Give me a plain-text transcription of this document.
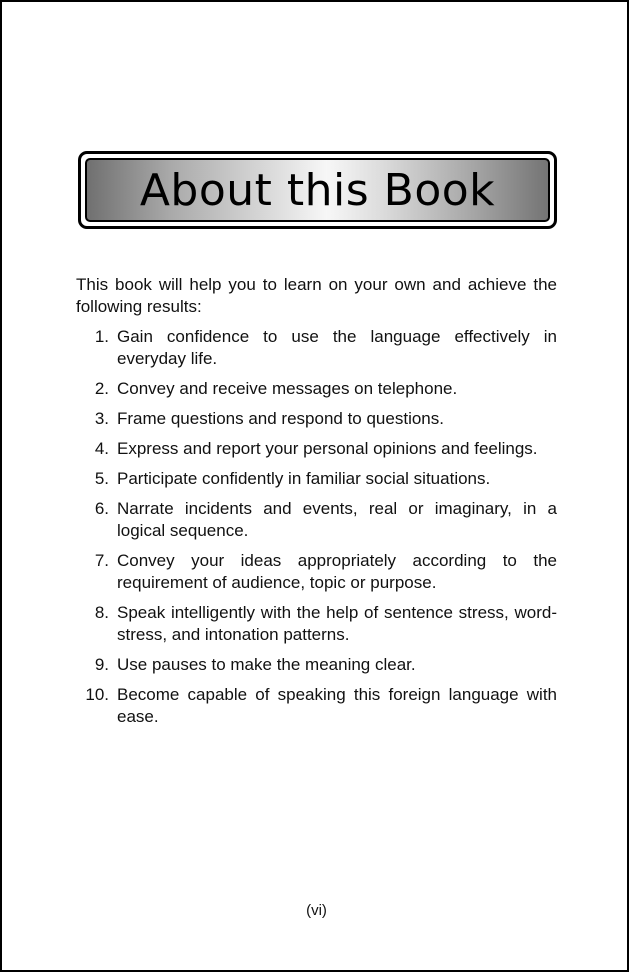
About this Book

This book will help you to learn on your own and achieve the following results:

1. Gain confidence to use the language effectively in everyday life.
2. Convey and receive messages on telephone.
3. Frame questions and respond to questions.
4. Express and report your personal opinions and feelings.
5. Participate confidently in familiar social situations.
6. Narrate incidents and events, real or imaginary, in a logical sequence.
7. Convey your ideas appropriately according to the requirement of audience, topic or purpose.
8. Speak intelligently with the help of sentence stress, word-stress, and intonation patterns.
9. Use pauses to make the meaning clear.
10. Become capable of speaking this foreign language with ease.
(vi)
